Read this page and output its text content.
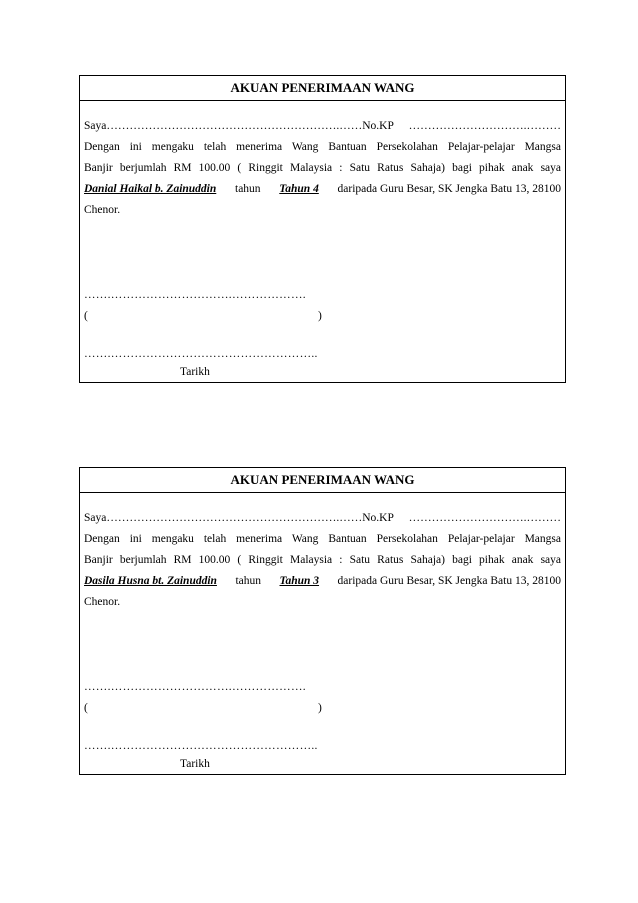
AKUAN PENERIMAAN WANG
Saya…………………………………………………….……No.KP ………………………….………
Dengan ini mengaku telah menerima Wang Bantuan Persekolahan Pelajar-pelajar Mangsa
Banjir berjumlah RM 100.00 ( Ringgit Malaysia : Satu Ratus Sahaja) bagi pihak anak saya
Danial Haikal b. Zainuddin tahun Tahun 4 daripada Guru Besar, SK Jengka Batu 13, 28100
Chenor.
…….………………………….……………….
(	)
…….……………………………………………..
Tarikh
AKUAN PENERIMAAN WANG
Saya…………………………………………………….……No.KP ………………………….………
Dengan ini mengaku telah menerima Wang Bantuan Persekolahan Pelajar-pelajar Mangsa
Banjir berjumlah RM 100.00 ( Ringgit Malaysia : Satu Ratus Sahaja) bagi pihak anak saya
Dasila Husna bt. Zainuddin tahun Tahun 3 daripada Guru Besar, SK Jengka Batu 13, 28100
Chenor.
…….………………………….……………….
(	)
…….……………………………………………..
Tarikh
